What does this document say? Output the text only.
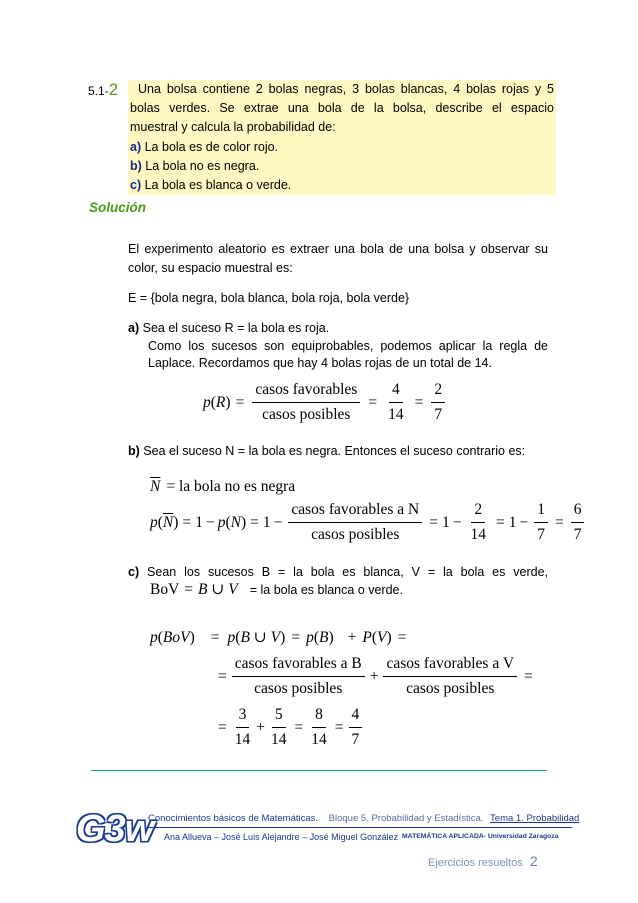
5.1-2	Una bolsa contiene 2 bolas negras, 3 bolas blancas, 4 bolas rojas y 5

bolas verdes. Se extrae una bola de la bolsa, describe el espacio

muestral y calcula la probabilidad de:

a) La bola es de color rojo.

b) La bola no es negra.

c) La bola es blanca o verde.

Solución

El experimento aleatorio es extraer una bola de una bolsa y observar su

color, su espacio muestral es:

E = {bola negra, bola blanca, bola roja, bola verde}
a) Sea el suceso R = la bola es roja.
Como los sucesos son equiprobables, podemos aplicar la regla de
Laplace. Recordamos que hay 4 bolas rojas de un total de 14.
p ( R ) = $\frac{\text{casos favorables}}{\text{casos posibles}} = \frac{4}{14} = \frac{2}{7}$
b) Sea el suceso N = la bola es negra. Entonces el suceso contrario es:
$\overline{N}$ = la bola no es negra
p ( $\overline{N}$ ) = 1 − p ( N ) = $1 - \frac{\text{casos favorables a N}}{\text{casos posibles}} = 1 - \frac{2}{14} = 1 - \frac{1}{7} = \frac{6}{7}$
c) Sean los sucesos B = la bola es blanca, V = la bola es verde,
BoV = B ∪ V = la bola es blanca o verde.
p ( BoV ) = p ( B ∪ V ) = p ( B ) + P ( V ) =
= $\frac{\text{casos favorables a B}}{\text{casos posibles}} + \frac{\text{casos favorables a V}}{\text{casos posibles}}$ =
= $\frac{3}{14} + \frac{5}{14} = \frac{8}{14} = \frac{4}{7}$
G3w
Conocimientos básicos de Matemáticas. Bloque 5. Probabilidad y Estadística. Tema 1. Probabilidad
Ana Allueva – José Luis Alejandre – José Miguel González MATEMÁTICA APLICADA- Universidad Zaragoza
Ejercicios resueltos 2
